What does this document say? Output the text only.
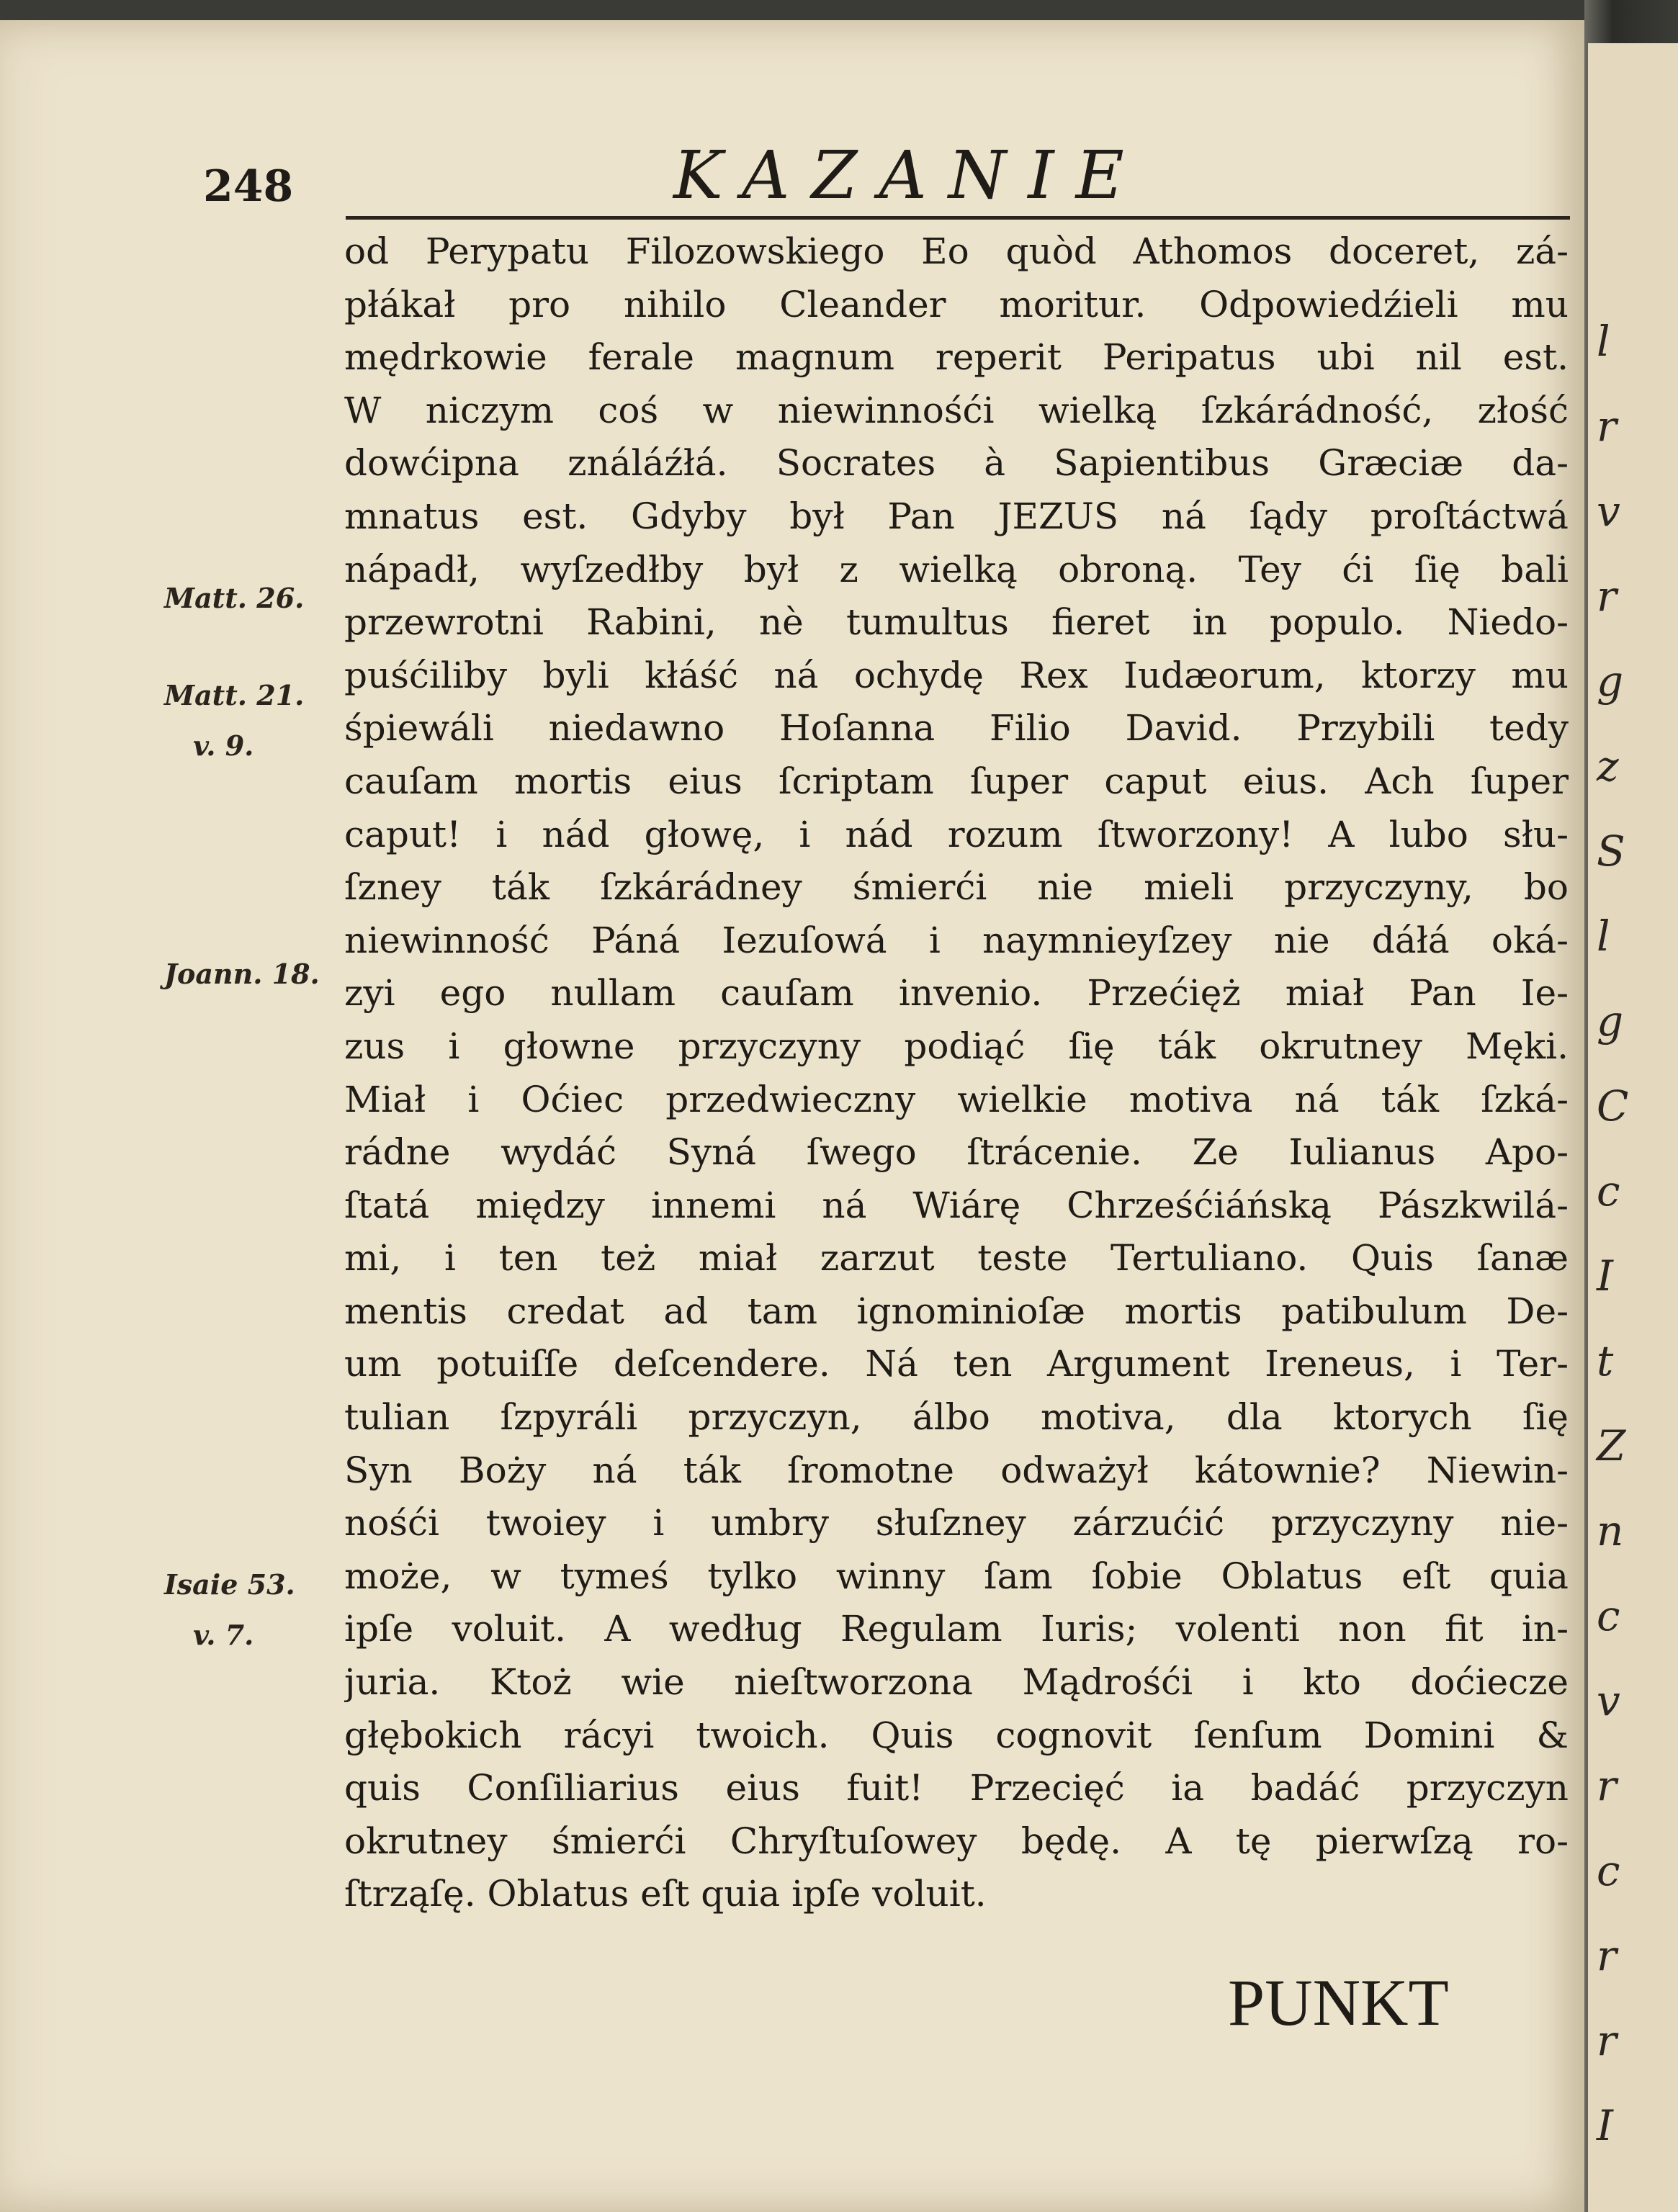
l
r
v
r
g
z
S
l
g
C
c
I
t
Z
n
c
v
r
c
r
r
I
248	KAZANIE
Matt. 26.
Matt. 21.
v. 9.
Joann. 18.
Isaie 53.
v. 7.
od Perypatu Filozowskiego Eo quòd Athomos doceret, zá-
płákał pro nihilo Cleander moritur. Odpowiedźieli mu
mędrkowie ferale magnum reperit Peripatus ubi nil est.
W niczym coś w niewinnośći wielką ſzkárádność, złość
dowćipna ználáźłá. Socrates à Sapientibus Græciæ da-
mnatus est. Gdyby był Pan JEZUS ná ſądy proſtáctwá
nápadł, wyſzedłby był z wielką obroną. Tey ći ſię bali
przewrotni Rabini, nè tumultus fieret in populo. Niedo-
puśćiliby byli kłáść ná ochydę Rex Iudæorum, ktorzy mu
śpiewáli niedawno Hoſanna Filio David. Przybili tedy
cauſam mortis eius ſcriptam ſuper caput eius. Ach ſuper
caput! i nád głowę, i nád rozum ſtworzony! A lubo słu-
ſzney ták ſzkárádney śmierći nie mieli przyczyny, bo
niewinność Páná Iezuſowá i naymnieyſzey nie dáłá oká-
zyi ego nullam cauſam invenio. Przećięż miał Pan Ie-
zus i głowne przyczyny podiąć ſię ták okrutney Męki.
Miał i Oćiec przedwieczny wielkie motiva ná ták ſzká-
rádne wydáć Syná ſwego ſtrácenie. Ze Iulianus Apo-
ſtatá między innemi ná Wiárę Chrześćiáńską Pászkwilá-
mi, i ten też miał zarzut teste Tertuliano. Quis ſanæ
mentis credat ad tam ignominioſæ mortis patibulum De-
um potuiſſe deſcendere. Ná ten Argument Ireneus, i Ter-
tulian ſzpyráli przyczyn, álbo motiva, dla ktorych ſię
Syn Boży ná ták ſromotne odważył kátownie? Niewin-
nośći twoiey i umbry słuſzney zárzućić przyczyny nie-
może, w tymeś tylko winny ſam ſobie Oblatus eſt quia
ipſe voluit. A według Regulam Iuris; volenti non fit in-
juria. Ktoż wie nieſtworzona Mądrośći i kto doćiecze
głębokich rácyi twoich. Quis cognovit ſenſum Domini &
quis Conſiliarius eius fuit! Przecięć ia badáć przyczyn
okrutney śmierći Chryſtuſowey będę. A tę pierwſzą ro-
ſtrząſę. Oblatus eſt quia ipſe voluit.
PUNKT
